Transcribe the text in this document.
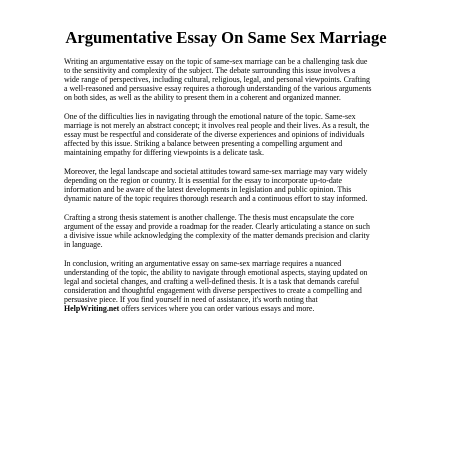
Argumentative Essay On Same Sex Marriage
Writing an argumentative essay on the topic of same-sex marriage can be a challenging task due
to the sensitivity and complexity of the subject. The debate surrounding this issue involves a
wide range of perspectives, including cultural, religious, legal, and personal viewpoints. Crafting
a well-reasoned and persuasive essay requires a thorough understanding of the various arguments
on both sides, as well as the ability to present them in a coherent and organized manner.
One of the difficulties lies in navigating through the emotional nature of the topic. Same-sex
marriage is not merely an abstract concept; it involves real people and their lives. As a result, the
essay must be respectful and considerate of the diverse experiences and opinions of individuals
affected by this issue. Striking a balance between presenting a compelling argument and
maintaining empathy for differing viewpoints is a delicate task.
Moreover, the legal landscape and societal attitudes toward same-sex marriage may vary widely
depending on the region or country. It is essential for the essay to incorporate up-to-date
information and be aware of the latest developments in legislation and public opinion. This
dynamic nature of the topic requires thorough research and a continuous effort to stay informed.
Crafting a strong thesis statement is another challenge. The thesis must encapsulate the core
argument of the essay and provide a roadmap for the reader. Clearly articulating a stance on such
a divisive issue while acknowledging the complexity of the matter demands precision and clarity
in language.
In conclusion, writing an argumentative essay on same-sex marriage requires a nuanced
understanding of the topic, the ability to navigate through emotional aspects, staying updated on
legal and societal changes, and crafting a well-defined thesis. It is a task that demands careful
consideration and thoughtful engagement with diverse perspectives to create a compelling and
persuasive piece. If you find yourself in need of assistance, it's worth noting that
HelpWriting.net offers services where you can order various essays and more.
